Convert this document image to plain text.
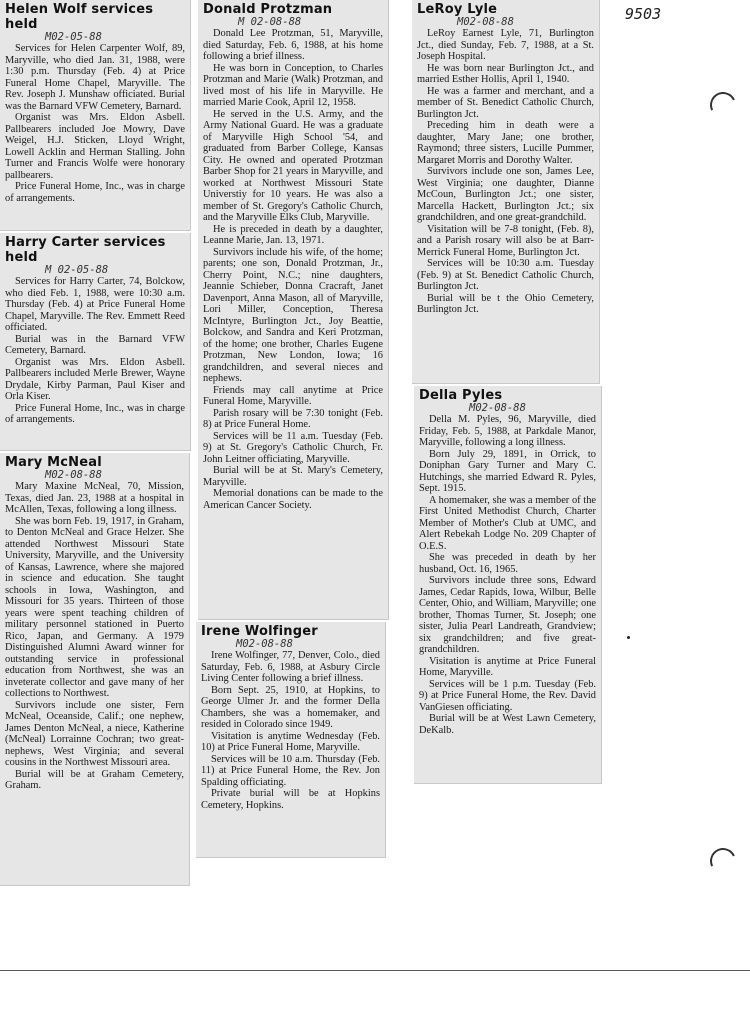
9503
Helen Wolf services held
M02-05-88

Services for Helen Carpenter Wolf, 89, Maryville, who died Jan. 31, 1988, were 1:30 p.m. Thursday (Feb. 4) at Price Funeral Home Chapel, Maryville. The Rev. Joseph J. Munshaw officiated. Burial was the Barnard VFW Cemetery, Barnard.

Organist was Mrs. Eldon Asbell. Pallbearers included Joe Mowry, Dave Weigel, H.J. Sticken, Lloyd Wright, Lowell Acklin and Herman Stalling. John Turner and Francis Wolfe were honorary pallbearers.

Price Funeral Home, Inc., was in charge of arrangements.

Harry Carter services held
M 02-05-88

Services for Harry Carter, 74, Bolckow, who died Feb. 1, 1988, were 10:30 a.m. Thursday (Feb. 4) at Price Funeral Home Chapel, Maryville. The Rev. Emmett Reed officiated.

Burial was in the Barnard VFW Cemetery, Barnard.

Organist was Mrs. Eldon Asbell. Pallbearers included Merle Brewer, Wayne Drydale, Kirby Parman, Paul Kiser and Orla Kiser.

Price Funeral Home, Inc., was in charge of arrangements.

Mary McNeal
M02-08-88

Mary Maxine McNeal, 70, Mission, Texas, died Jan. 23, 1988 at a hospital in McAllen, Texas, following a long illness.

She was born Feb. 19, 1917, in Graham, to Denton McNeal and Grace Helzer. She attended Northwest Missouri State University, Maryville, and the University of Kansas, Lawrence, where she majored in science and education. She taught schools in Iowa, Washington, and Missouri for 35 years. Thirteen of those years were spent teaching children of military personnel stationed in Puerto Rico, Japan, and Germany. A 1979 Distinguished Alumni Award winner for outstanding service in professional education from Northwest, she was an inveterate collector and gave many of her collections to Northwest.

Survivors include one sister, Fern McNeal, Oceanside, Calif.; one nephew, James Denton McNeal, a niece, Katherine (McNeal) Lorrainne Cochran; two great-nephews, West Virginia; and several cousins in the Northwest Missouri area.

Burial will be at Graham Cemetery, Graham.

Donald Protzman
M 02-08-88

Donald Lee Protzman, 51, Maryville, died Saturday, Feb. 6, 1988, at his home following a brief illness.

He was born in Conception, to Charles Protzman and Marie (Walk) Protzman, and lived most of his life in Maryville. He married Marie Cook, April 12, 1958.

He served in the U.S. Army, and the Army National Guard. He was a graduate of Maryville High School '54, and graduated from Barber College, Kansas City. He owned and operated Protzman Barber Shop for 21 years in Maryville, and worked at Northwest Missouri State Universtiy for 10 years. He was also a member of St. Gregory's Catholic Church, and the Maryville Elks Club, Maryville.

He is preceded in death by a daughter, Leanne Marie, Jan. 13, 1971.

Survivors include his wife, of the home; parents; one son, Donald Protzman, Jr., Cherry Point, N.C.; nine daughters, Jeannie Schieber, Donna Cracraft, Janet Davenport, Anna Mason, all of Maryville, Lori Miller, Conception, Theresa McIntyre, Burlington Jct., Joy Beattie, Bolckow, and Sandra and Keri Protzman, of the home; one brother, Charles Eugene Protzman, New London, Iowa; 16 grandchildren, and several nieces and nephews.

Friends may call anytime at Price Funeral Home, Maryville.

Parish rosary will be 7:30 tonight (Feb. 8) at Price Funeral Home.

Services will be 11 a.m. Tuesday (Feb. 9) at St. Gregory's Catholic Church, Fr. John Leitner officiating, Maryville.

Burial will be at St. Mary's Cemetery, Maryville.

Memorial donations can be made to the American Cancer Society.

Irene Wolfinger
M02-08-88

Irene Wolfinger, 77, Denver, Colo., died Saturday, Feb. 6, 1988, at Asbury Circle Living Center following a brief illness.

Born Sept. 25, 1910, at Hopkins, to George Ulmer Jr. and the former Della Chambers, she was a homemaker, and resided in Colorado since 1949.

Visitation is anytime Wednesday (Feb. 10) at Price Funeral Home, Maryville.

Services will be 10 a.m. Thursday (Feb. 11) at Price Funeral Home, the Rev. Jon Spalding officiating.

Private burial will be at Hopkins Cemetery, Hopkins.

LeRoy Lyle
M02-08-88

LeRoy Earnest Lyle, 71, Burlington Jct., died Sunday, Feb. 7, 1988, at a St. Joseph Hospital.

He was born near Burlington Jct., and married Esther Hollis, April 1, 1940.

He was a farmer and merchant, and a member of St. Benedict Catholic Church, Burlington Jct.

Preceding him in death were a daughter, Mary Jane; one brother, Raymond; three sisters, Lucille Pummer, Margaret Morris and Dorothy Walter.

Survivors include one son, James Lee, West Virginia; one daughter, Dianne McCoun, Burlington Jct.; one sister, Marcella Hackett, Burlington Jct.; six grandchildren, and one great-grandchild.

Visitation will be 7-8 tonight, (Feb. 8), and a Parish rosary will also be at Barr-Merrick Funeral Home, Burlington Jct.

Services will be 10:30 a.m. Tuesday (Feb. 9) at St. Benedict Catholic Church, Burlington Jct.

Burial will be t the Ohio Cemetery, Burlington Jct.

Della Pyles
M02-08-88

Della M. Pyles, 96, Maryville, died Friday, Feb. 5, 1988, at Parkdale Manor, Maryville, following a long illness.

Born July 29, 1891, in Orrick, to Doniphan Gary Turner and Mary C. Hutchings, she married Edward R. Pyles, Sept. 1915.

A homemaker, she was a member of the First United Methodist Church, Charter Member of Mother's Club at UMC, and Alert Rebekah Lodge No. 209 Chapter of O.E.S.

She was preceded in death by her husband, Oct. 16, 1965.

Survivors include three sons, Edward James, Cedar Rapids, Iowa, Wilbur, Belle Center, Ohio, and William, Maryville; one brother, Thomas Turner, St. Joseph; one sister, Julia Pearl Landreath, Grandview; six grandchildren; and five great-grandchildren.

Visitation is anytime at Price Funeral Home, Maryville.

Services will be 1 p.m. Tuesday (Feb. 9) at Price Funeral Home, the Rev. David VanGiesen officiating.

Burial will be at West Lawn Cemetery, DeKalb.
